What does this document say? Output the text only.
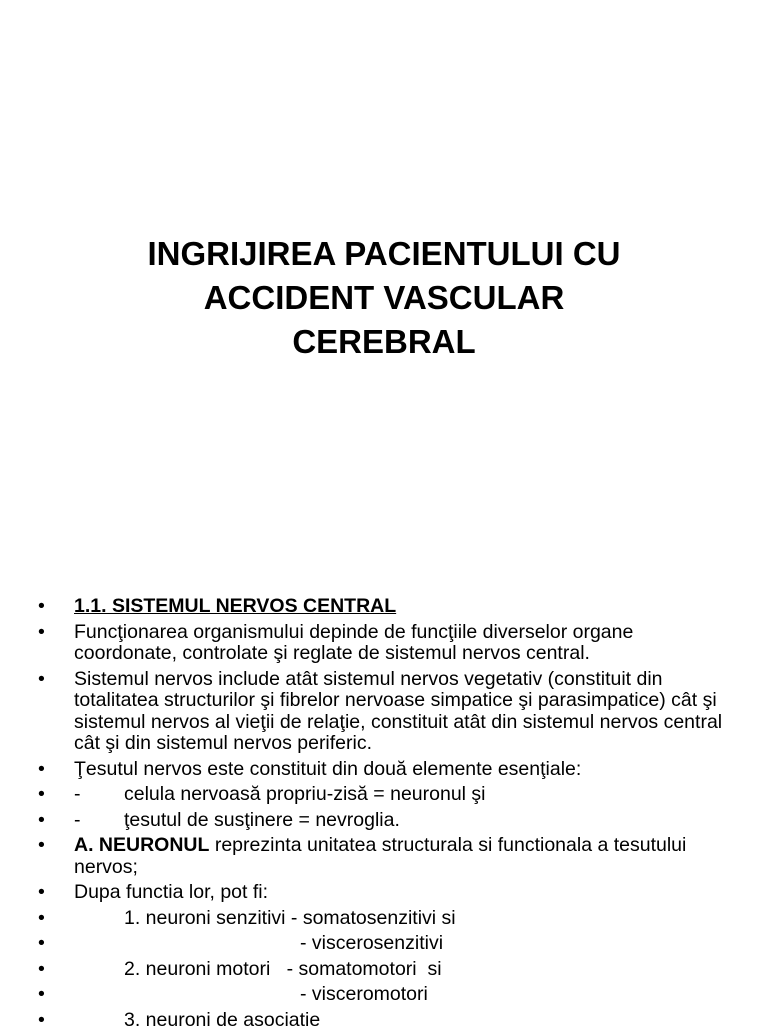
INGRIJIREA PACIENTULUI CU
ACCIDENT VASCULAR
CEREBRAL
• 1.1. SISTEMUL NERVOS CENTRAL
• Funcţionarea organismului depinde de funcţiile diverselor organe coordonate, controlate şi reglate de sistemul nervos central.
• Sistemul nervos include atât sistemul nervos vegetativ (constituit din totalitatea structurilor şi fibrelor nervoase simpatice şi parasimpatice) cât şi sistemul nervos al vieţii de relaţie, constituit atât din sistemul nervos central cât şi din sistemul nervos periferic.
• Ţesutul nervos este constituit din două elemente esenţiale:
• - celula nervoasă propriu-zisă = neuronul şi
• - ţesutul de susţinere = nevroglia.
• A. NEURONUL reprezinta unitatea structurala si functionala a tesutului nervos;
• Dupa functia lor, pot fi:
•	1. neuroni senzitivi - somatosenzitivi si
•	- viscerosenzitivi
•	2. neuroni motori   - somatomotori  si
•	- visceromotori
•	3. neuroni de asociatie
